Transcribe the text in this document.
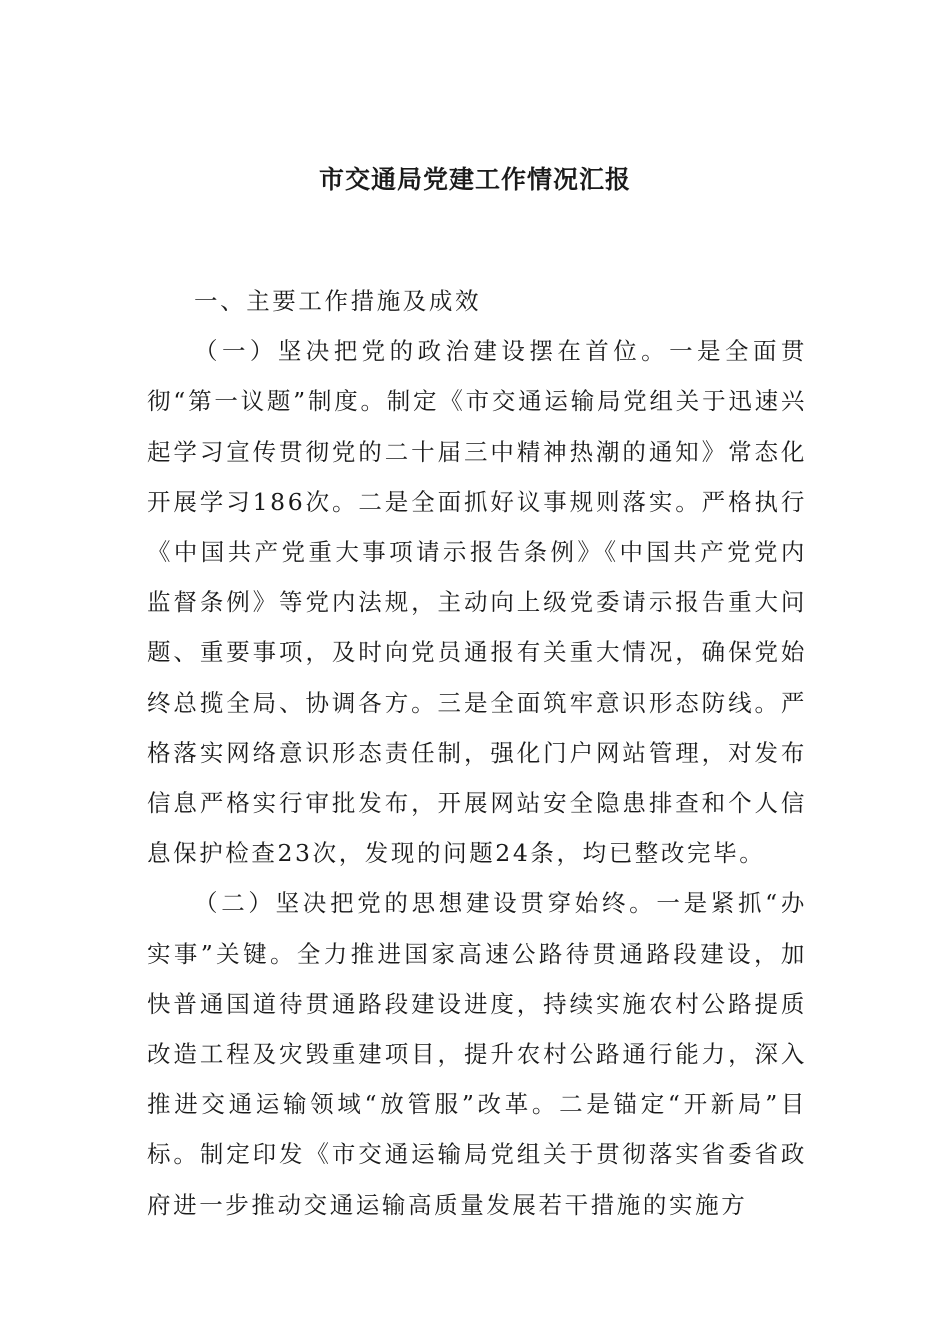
市交通局党建工作情况汇报

一、主要工作措施及成效

（一）坚决把党的政治建设摆在首位。一是全面贯彻“第一议题”制度。制定《市交通运输局党组关于迅速兴起学习宣传贯彻党的二十届三中精神热潮的通知》常态化开展学习186次。二是全面抓好议事规则落实。严格执行《中国共产党重大事项请示报告条例》《中国共产党党内监督条例》等党内法规，主动向上级党委请示报告重大问题、重要事项，及时向党员通报有关重大情况，确保党始终总揽全局、协调各方。三是全面筑牢意识形态防线。严格落实网络意识形态责任制，强化门户网站管理，对发布信息严格实行审批发布，开展网站安全隐患排查和个人信息保护检查23次，发现的问题24条，均已整改完毕。

（二）坚决把党的思想建设贯穿始终。一是紧抓“办实事”关键。全力推进国家高速公路待贯通路段建设，加快普通国道待贯通路段建设进度，持续实施农村公路提质改造工程及灾毁重建项目，提升农村公路通行能力，深入推进交通运输领域“放管服”改革。二是锚定“开新局”目标。制定印发《市交通运输局党组关于贯彻落实省委省政府进一步推动交通运输高质量发展若干措施的实施方
